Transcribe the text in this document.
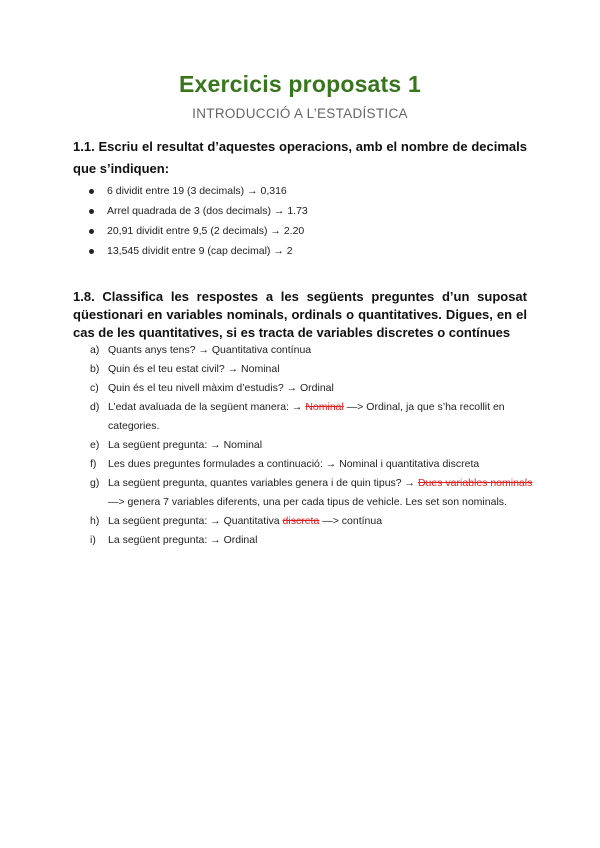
Exercicis proposats 1
INTRODUCCIÓ A L’ESTADÍSTICA
1.1. Escriu el resultat d’aquestes operacions, amb el nombre de decimals que s’indiquen:
6 dividit entre 19 (3 decimals) → 0,316
Arrel quadrada de 3 (dos decimals) → 1.73
20,91 dividit entre 9,5 (2 decimals) → 2.20
13,545 dividit entre 9 (cap decimal) → 2
1.8. Classifica les respostes a les següents preguntes d’un suposat qüestionari en variables nominals, ordinals o quantitatives. Digues, en el cas de les quantitatives, si es tracta de variables discretes o contínues
a) Quants anys tens? → Quantitativa contínua
b) Quin és el teu estat civil? → Nominal
c) Quin és el teu nivell màxim d’estudis? → Ordinal
d) L’edat avaluada de la següent manera: → Nominal —> Ordinal, ja que s’ha recollit en categories.
e) La següent pregunta: → Nominal
f)	Les dues preguntes formulades a continuació: → Nominal i quantitativa discreta
g) La següent pregunta, quantes variables genera i de quin tipus? → Dues variables nominals —> genera 7 variables diferents, una per cada tipus de vehicle. Les set son nominals.
h) La següent pregunta: → Quantitativa discreta —> contínua
i)	La següent pregunta: → Ordinal
